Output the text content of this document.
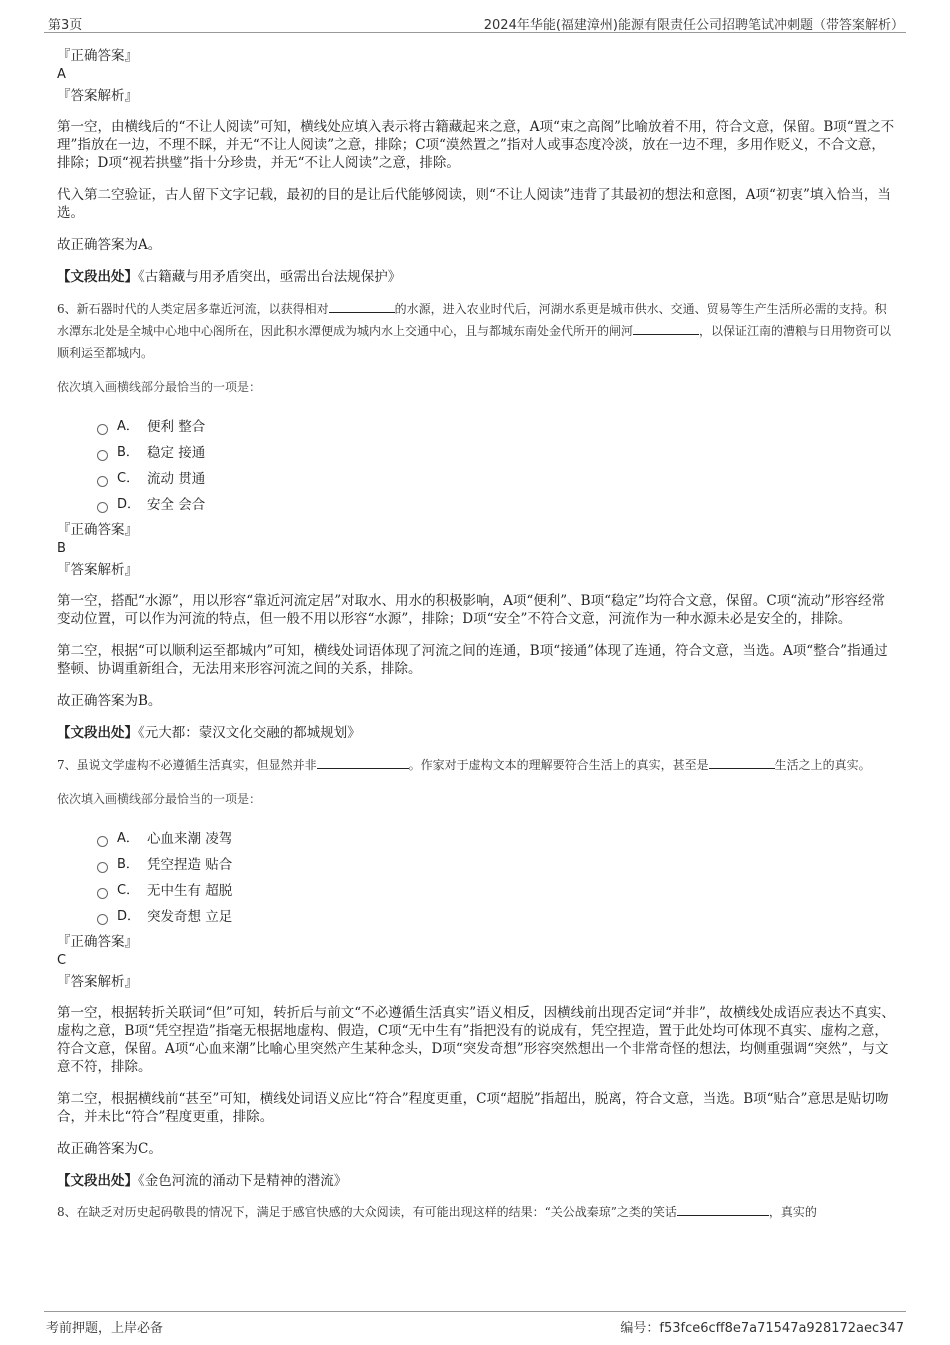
第3页	2024年华能(福建漳州)能源有限责任公司招聘笔试冲刺题（带答案解析）

『正确答案』

A

『答案解析』

第一空，由横线后的“不让人阅读”可知，横线处应填入表示将古籍藏起来之意，A项“束之高阁”比喻放着不用，符合文意，保留。B项“置之不理”指放在一边，不理不睬，并无“不让人阅读”之意，排除；C项“漠然置之”指对人或事态度冷淡，放在一边不理，多用作贬义，不合文意，排除；D项“视若拱璧”指十分珍贵，并无“不让人阅读”之意，排除。

代入第二空验证，古人留下文字记载，最初的目的是让后代能够阅读，则“不让人阅读”违背了其最初的想法和意图，A项“初衷”填入恰当，当选。

故正确答案为A。

【文段出处】《古籍藏与用矛盾突出，亟需出台法规保护》

6、新石器时代的人类定居多靠近河流，以获得相对	的水源，进入农业时代后，河湖水系更是城市供水、交通、贸易等生产生活所必需的支持。积水潭东北处是全城中心地中心阁所在，因此积水潭便成为城内水上交通中心，且与都城东南处金代所开的闸河	，以保证江南的漕粮与日用物资可以顺利运至都城内。

依次填入画横线部分最恰当的一项是：

A． 便利 整合
B． 稳定 接通
C． 流动 贯通
D． 安全 会合

『正确答案』

B

『答案解析』

第一空，搭配“水源”，用以形容“靠近河流定居”对取水、用水的积极影响，A项“便利”、B项“稳定”均符合文意，保留。C项“流动”形容经常变动位置，可以作为河流的特点，但一般不用以形容“水源”，排除；D项“安全”不符合文意，河流作为一种水源未必是安全的，排除。

第二空，根据“可以顺利运至都城内”可知，横线处词语体现了河流之间的连通，B项“接通”体现了连通，符合文意，当选。A项“整合”指通过整顿、协调重新组合，无法用来形容河流之间的关系，排除。

故正确答案为B。

【文段出处】《元大都：蒙汉文化交融的都城规划》

7、虽说文学虚构不必遵循生活真实，但显然并非	。作家对于虚构文本的理解要符合生活上的真实，甚至是	生活之上的真实。

依次填入画横线部分最恰当的一项是：

A． 心血来潮 凌驾
B． 凭空捏造 贴合
C． 无中生有 超脱
D． 突发奇想 立足

『正确答案』

C

『答案解析』

第一空，根据转折关联词“但”可知，转折后与前文“不必遵循生活真实”语义相反，因横线前出现否定词“并非”，故横线处成语应表达不真实、虚构之意，B项“凭空捏造”指毫无根据地虚构、假造，C项“无中生有”指把没有的说成有，凭空捏造，置于此处均可体现不真实、虚构之意，符合文意，保留。A项“心血来潮”比喻心里突然产生某种念头，D项“突发奇想”形容突然想出一个非常奇怪的想法，均侧重强调“突然”，与文意不符，排除。

第二空，根据横线前“甚至”可知，横线处词语义应比“符合”程度更重，C项“超脱”指超出，脱离，符合文意，当选。B项“贴合”意思是贴切吻合，并未比“符合”程度更重，排除。

故正确答案为C。

【文段出处】《金色河流的涌动下是精神的潜流》

8、在缺乏对历史起码敬畏的情况下，满足于感官快感的大众阅读，有可能出现这样的结果：“关公战秦琼”之类的笑话	，真实的

考前押题，上岸必备	编号：f53fce6cff8e7a71547a928172aec347
